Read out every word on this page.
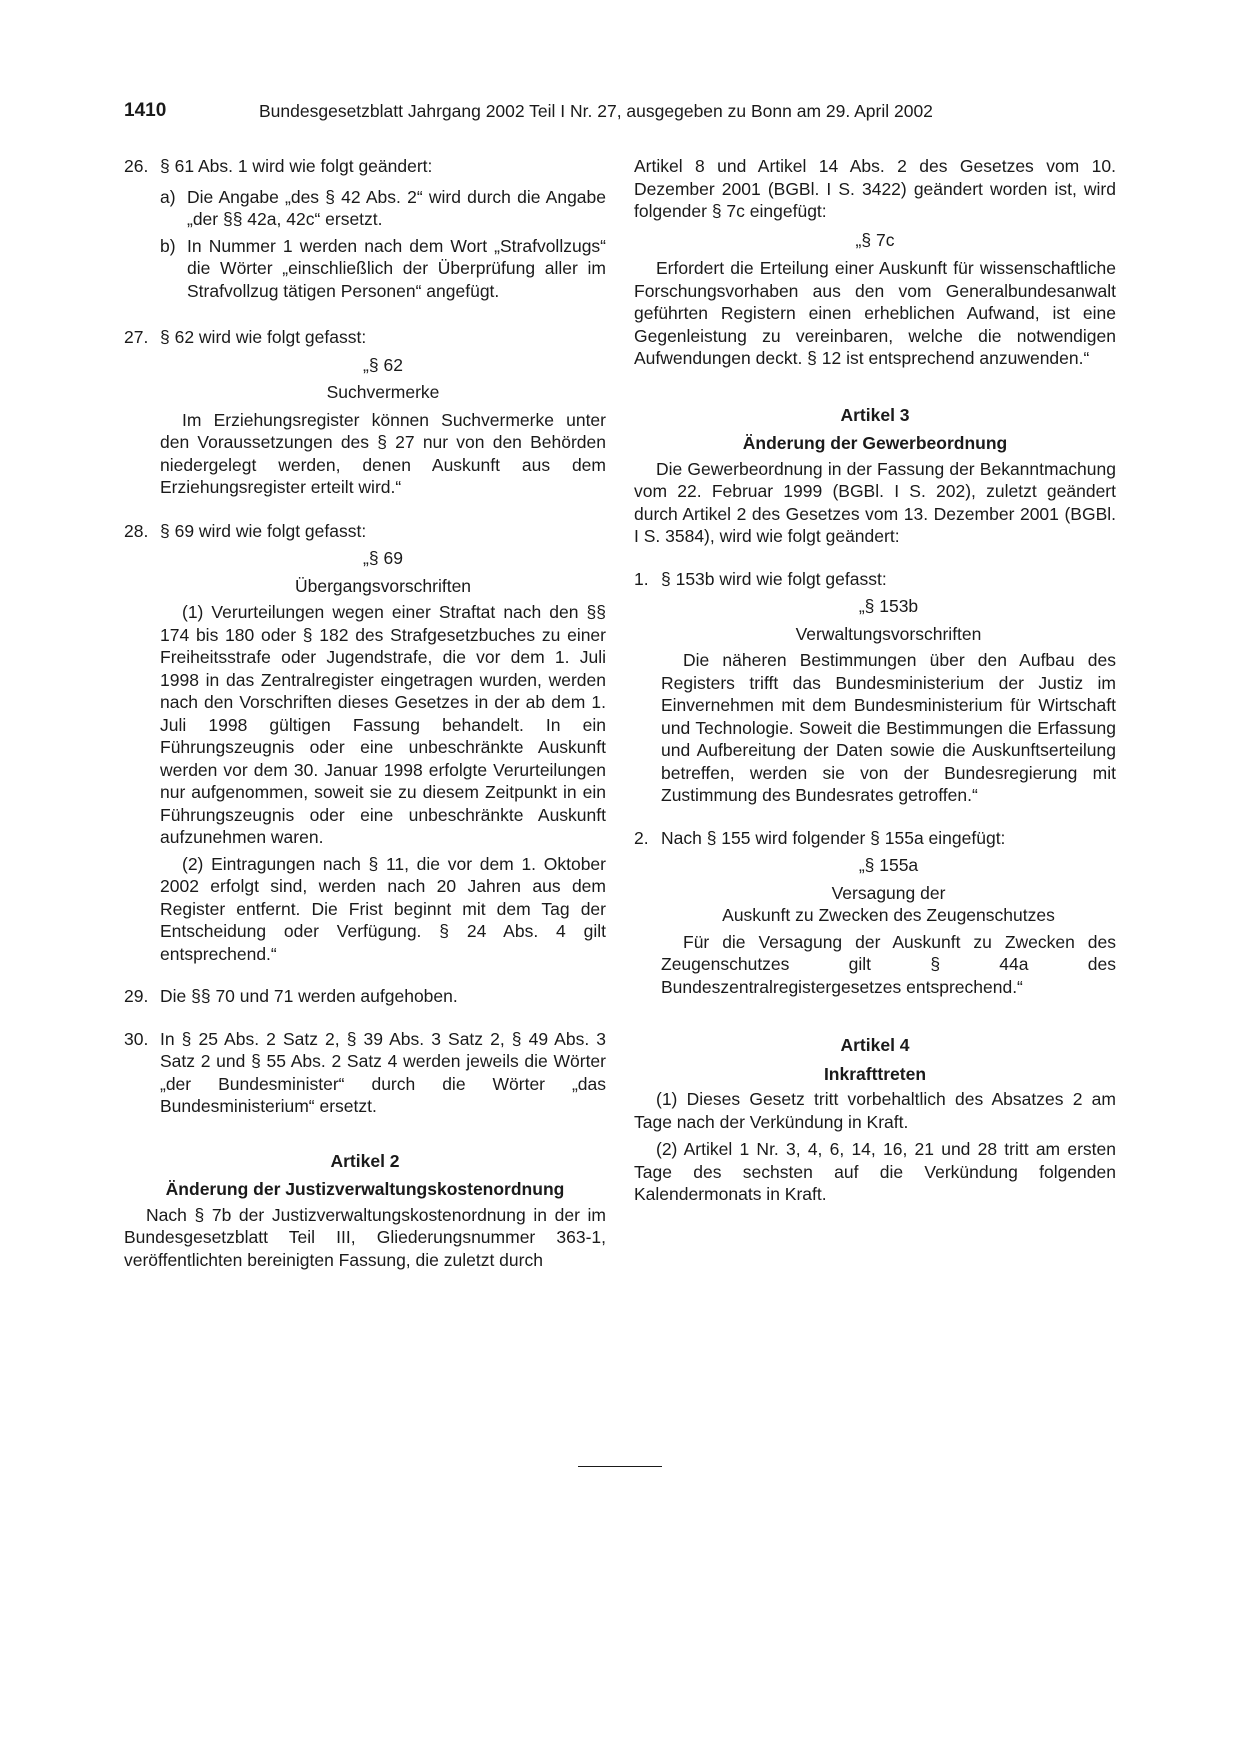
1410	Bundesgesetzblatt Jahrgang 2002 Teil I Nr. 27, ausgegeben zu Bonn am 29. April 2002
26. § 61 Abs. 1 wird wie folgt geändert:
a) Die Angabe „des § 42 Abs. 2“ wird durch die Angabe „der §§ 42a, 42c“ ersetzt.
b) In Nummer 1 werden nach dem Wort „Strafvollzugs“ die Wörter „einschließlich der Überprüfung aller im Strafvollzug tätigen Personen“ angefügt.
27. § 62 wird wie folgt gefasst:

„§ 62

Suchvermerke

Im Erziehungsregister können Suchvermerke unter den Voraussetzungen des § 27 nur von den Behörden niedergelegt werden, denen Auskunft aus dem Erziehungsregister erteilt wird.“

28. § 69 wird wie folgt gefasst:

„§ 69

Übergangsvorschriften

(1) Verurteilungen wegen einer Straftat nach den §§ 174 bis 180 oder § 182 des Strafgesetzbuches zu einer Freiheitsstrafe oder Jugendstrafe, die vor dem 1. Juli 1998 in das Zentralregister eingetragen wurden, werden nach den Vorschriften dieses Gesetzes in der ab dem 1. Juli 1998 gültigen Fassung behandelt. In ein Führungszeugnis oder eine unbeschränkte Auskunft werden vor dem 30. Januar 1998 erfolgte Verurteilungen nur aufgenommen, soweit sie zu diesem Zeitpunkt in ein Führungszeugnis oder eine unbeschränkte Auskunft aufzunehmen waren.

(2) Eintragungen nach § 11, die vor dem 1. Oktober 2002 erfolgt sind, werden nach 20 Jahren aus dem Register entfernt. Die Frist beginnt mit dem Tag der Entscheidung oder Verfügung. § 24 Abs. 4 gilt entsprechend.“

29. Die §§ 70 und 71 werden aufgehoben.
30. In § 25 Abs. 2 Satz 2, § 39 Abs. 3 Satz 2, § 49 Abs. 3 Satz 2 und § 55 Abs. 2 Satz 4 werden jeweils die Wörter „der Bundesminister“ durch die Wörter „das Bundesministerium“ ersetzt.

Artikel 2

Änderung der Justizverwaltungskostenordnung

Nach § 7b der Justizverwaltungskostenordnung in der im Bundesgesetzblatt Teil III, Gliederungsnummer 363-1, veröffentlichten bereinigten Fassung, die zuletzt durch

Artikel 8 und Artikel 14 Abs. 2 des Gesetzes vom 10. Dezember 2001 (BGBl. I S. 3422) geändert worden ist, wird folgender § 7c eingefügt:

„§ 7c

Erfordert die Erteilung einer Auskunft für wissenschaftliche Forschungsvorhaben aus den vom Generalbundesanwalt geführten Registern einen erheblichen Aufwand, ist eine Gegenleistung zu vereinbaren, welche die notwendigen Aufwendungen deckt. § 12 ist entsprechend anzuwenden.“

Artikel 3

Änderung der Gewerbeordnung

Die Gewerbeordnung in der Fassung der Bekanntmachung vom 22. Februar 1999 (BGBl. I S. 202), zuletzt geändert durch Artikel 2 des Gesetzes vom 13. Dezember 2001 (BGBl. I S. 3584), wird wie folgt geändert:

1. § 153b wird wie folgt gefasst:

„§ 153b

Verwaltungsvorschriften

Die näheren Bestimmungen über den Aufbau des Registers trifft das Bundesministerium der Justiz im Einvernehmen mit dem Bundesministerium für Wirtschaft und Technologie. Soweit die Bestimmungen die Erfassung und Aufbereitung der Daten sowie die Auskunftserteilung betreffen, werden sie von der Bundesregierung mit Zustimmung des Bundesrates getroffen.“

2. Nach § 155 wird folgender § 155a eingefügt:

„§ 155a

Versagung der

Auskunft zu Zwecken des Zeugenschutzes

Für die Versagung der Auskunft zu Zwecken des Zeugenschutzes gilt § 44a des Bundeszentralregistergesetzes entsprechend.“

Artikel 4

Inkrafttreten

(1) Dieses Gesetz tritt vorbehaltlich des Absatzes 2 am Tage nach der Verkündung in Kraft.

(2) Artikel 1 Nr. 3, 4, 6, 14, 16, 21 und 28 tritt am ersten Tage des sechsten auf die Verkündung folgenden Kalendermonats in Kraft.
